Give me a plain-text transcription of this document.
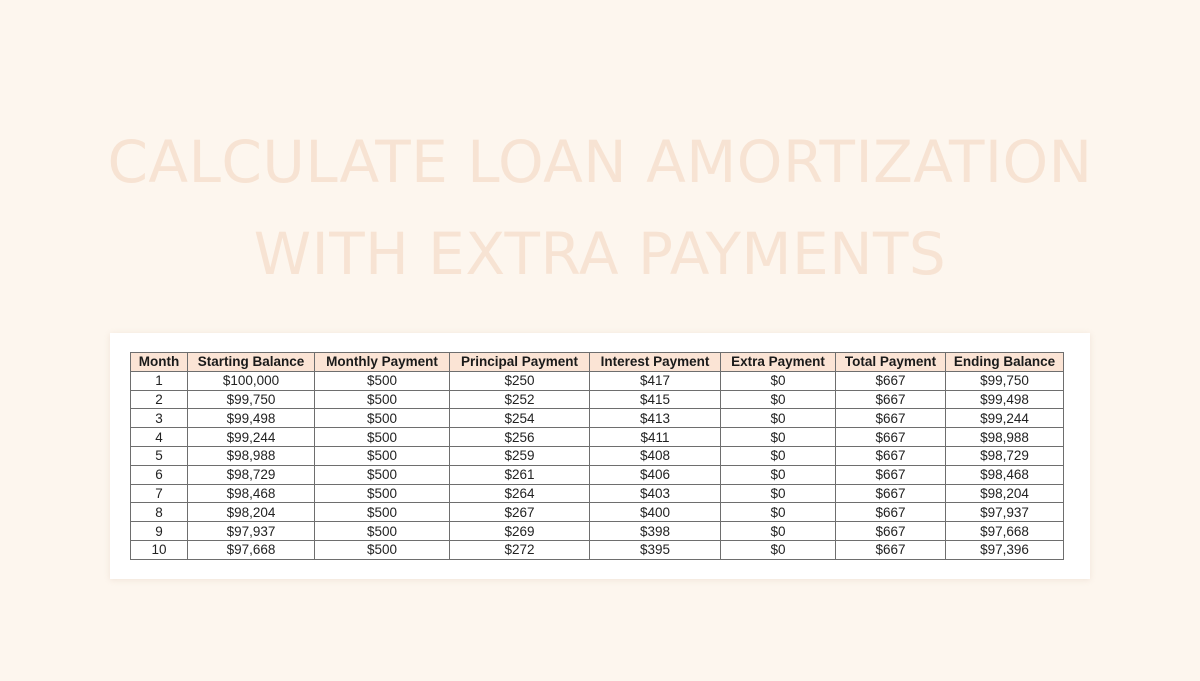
CALCULATE LOAN AMORTIZATION
WITH EXTRA PAYMENTS
Month	Starting Balance	Monthly Payment	Principal Payment	Interest Payment	Extra Payment	Total Payment	Ending Balance
1	$100,000	$500	$250	$417	$0	$667	$99,750
2	$99,750	$500	$252	$415	$0	$667	$99,498
3	$99,498	$500	$254	$413	$0	$667	$99,244
4	$99,244	$500	$256	$411	$0	$667	$98,988
5	$98,988	$500	$259	$408	$0	$667	$98,729
6	$98,729	$500	$261	$406	$0	$667	$98,468
7	$98,468	$500	$264	$403	$0	$667	$98,204
8	$98,204	$500	$267	$400	$0	$667	$97,937
9	$97,937	$500	$269	$398	$0	$667	$97,668
10	$97,668	$500	$272	$395	$0	$667	$97,396
